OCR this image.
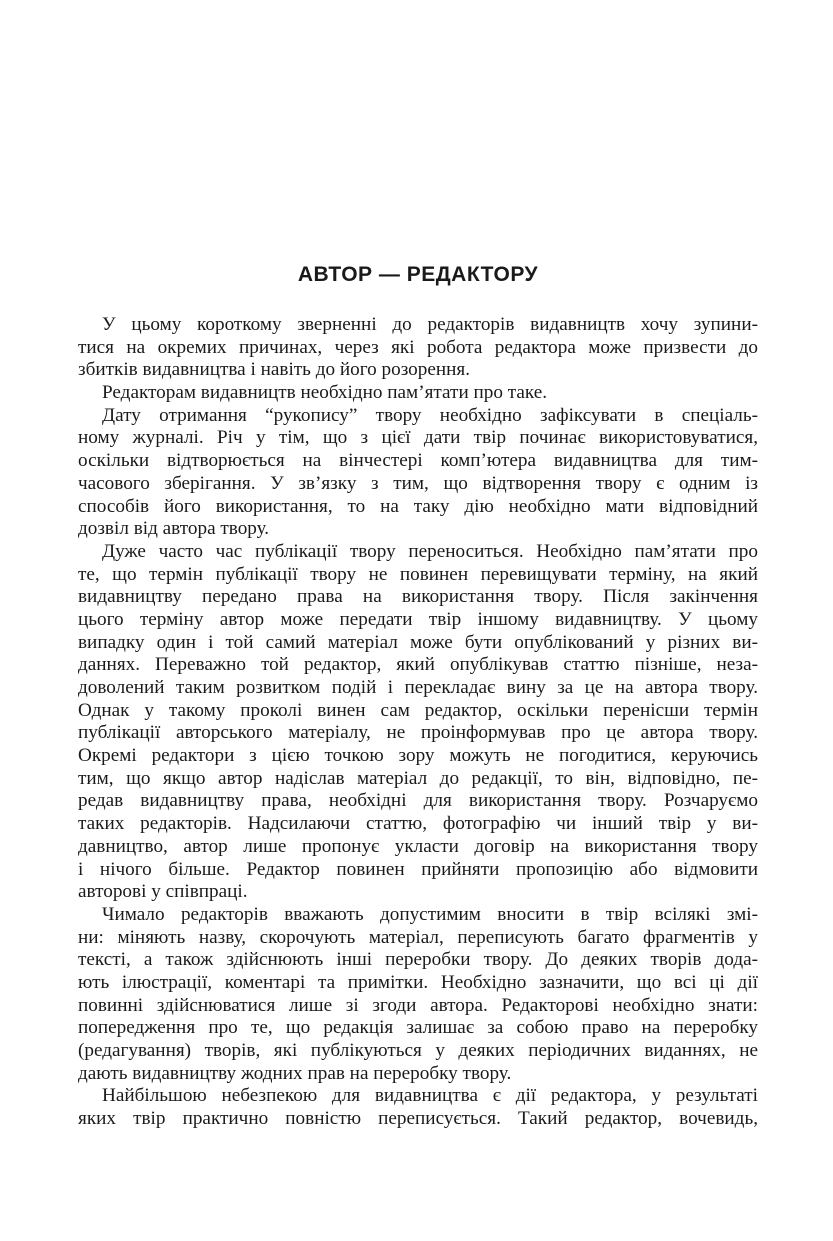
АВТОР — РЕДАКТОРУ
У цьому короткому зверненні до редакторів видавництв хочу зупини-
тися на окремих причинах, через які робота редактора може призвести до
збитків видавництва і навіть до його розорення.
Редакторам видавництв необхідно пам’ятати про таке.
Дату отримання “рукопису” твору необхідно зафіксувати в спеціаль-
ному журналі. Річ у тім, що з цієї дати твір починає використовуватися,
оскільки відтворюється на вінчестері комп’ютера видавництва для тим-
часового зберігання. У зв’язку з тим, що відтворення твору є одним із
способів його використання, то на таку дію необхідно мати відповідний
дозвіл від автора твору.
Дуже часто час публікації твору переноситься. Необхідно пам’ятати про
те, що термін публікації твору не повинен перевищувати терміну, на який
видавництву передано права на використання твору. Після закінчення
цього терміну автор може передати твір іншому видавництву. У цьому
випадку один і той самий матеріал може бути опублікований у різних ви-
даннях. Переважно той редактор, який опублікував статтю пізніше, неза-
доволений таким розвитком подій і перекладає вину за це на автора твору.
Однак у такому проколі винен сам редактор, оскільки перенісши термін
публікації авторського матеріалу, не проінформував про це автора твору.
Окремі редактори з цією точкою зору можуть не погодитися, керуючись
тим, що якщо автор надіслав матеріал до редакції, то він, відповідно, пе-
редав видавництву права, необхідні для використання твору. Розчаруємо
таких редакторів. Надсилаючи статтю, фотографію чи інший твір у ви-
давництво, автор лише пропонує укласти договір на використання твору
і нічого більше. Редактор повинен прийняти пропозицію або відмовити
авторові у співпраці.
Чимало редакторів вважають допустимим вносити в твір всілякі змі-
ни: міняють назву, скорочують матеріал, переписують багато фрагментів у
тексті, а також здійснюють інші переробки твору. До деяких творів дода-
ють ілюстрації, коментарі та примітки. Необхідно зазначити, що всі ці дії
повинні здійснюватися лише зі згоди автора. Редакторові необхідно знати:
попередження про те, що редакція залишає за собою право на переробку
(редагування) творів, які публікуються у деяких періодичних виданнях, не
дають видавництву жодних прав на переробку твору.
Найбільшою небезпекою для видавництва є дії редактора, у результаті
яких твір практично повністю переписується. Такий редактор, вочевидь,
